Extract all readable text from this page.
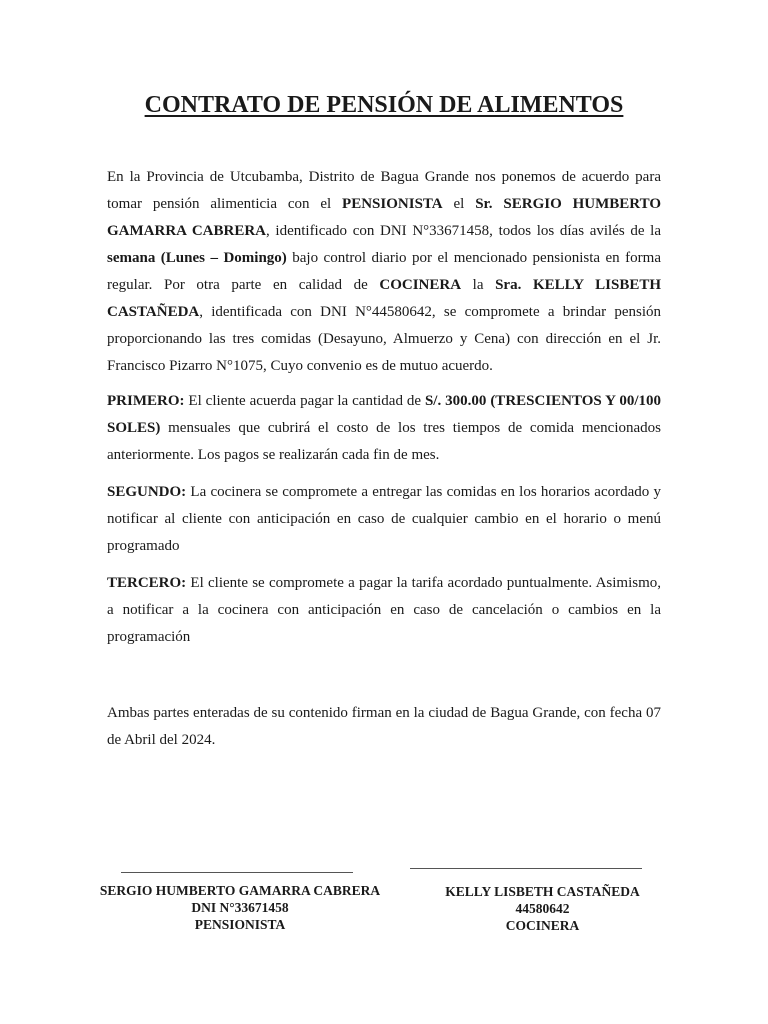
CONTRATO DE PENSIÓN DE ALIMENTOS

En la Provincia de Utcubamba, Distrito de Bagua Grande nos ponemos de acuerdo para tomar pensión alimenticia con el PENSIONISTA el Sr. SERGIO HUMBERTO GAMARRA CABRERA, identificado con DNI N°33671458, todos los días avilés de la semana (Lunes – Domingo) bajo control diario por el mencionado pensionista en forma regular. Por otra parte en calidad de COCINERA la Sra. KELLY LISBETH CASTAÑEDA, identificada con DNI N°44580642, se compromete a brindar pensión proporcionando las tres comidas (Desayuno, Almuerzo y Cena) con dirección en el Jr. Francisco Pizarro N°1075, Cuyo convenio es de mutuo acuerdo.

PRIMERO: El cliente acuerda pagar la cantidad de S/. 300.00 (TRESCIENTOS Y 00/100 SOLES) mensuales que cubrirá el costo de los tres tiempos de comida mencionados anteriormente. Los pagos se realizarán cada fin de mes.

SEGUNDO: La cocinera se compromete a entregar las comidas en los horarios acordado y notificar al cliente con anticipación en caso de cualquier cambio en el horario o menú programado

TERCERO: El cliente se compromete a pagar la tarifa acordado puntualmente. Asimismo, a notificar a la cocinera con anticipación en caso de cancelación o cambios en la programación

Ambas partes enteradas de su contenido firman en la ciudad de Bagua Grande, con fecha 07 de Abril del 2024.

SERGIO HUMBERTO GAMARRA CABRERA
DNI N°33671458
PENSIONISTA
KELLY LISBETH CASTAÑEDA
44580642
COCINERA
